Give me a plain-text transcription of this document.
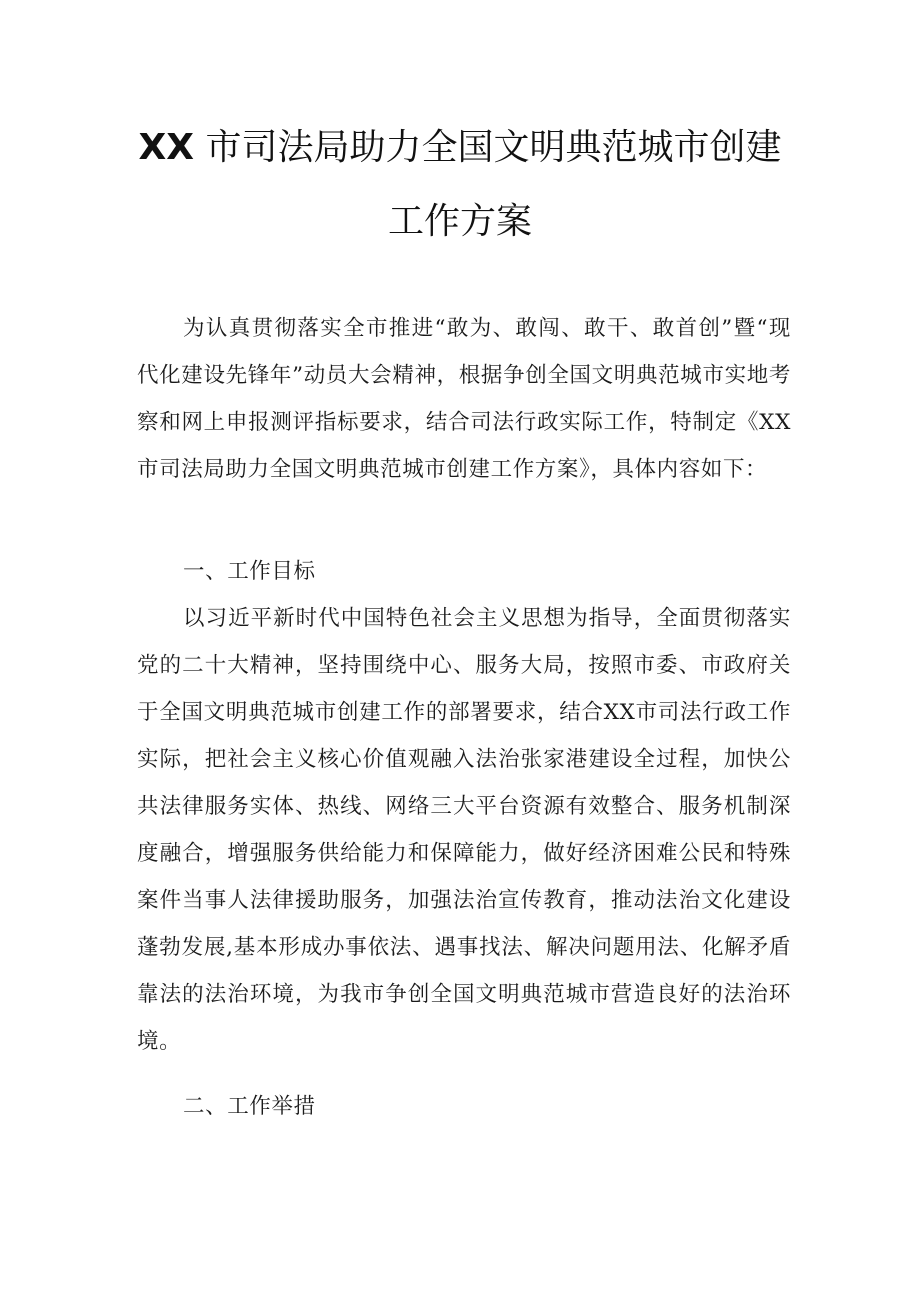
XX 市司法局助力全国文明典范城市创建
工作方案

为认真贯彻落实全市推进“敢为、敢闯、敢干、敢首创”暨“现代化建设先锋年”动员大会精神，根据争创全国文明典范城市实地考察和网上申报测评指标要求，结合司法行政实际工作，特制定《XX市司法局助力全国文明典范城市创建工作方案》，具体内容如下：

一、工作目标

以习近平新时代中国特色社会主义思想为指导，全面贯彻落实党的二十大精神，坚持围绕中心、服务大局，按照市委、市政府关于全国文明典范城市创建工作的部署要求，结合XX市司法行政工作实际，把社会主义核心价值观融入法治张家港建设全过程，加快公共法律服务实体、热线、网络三大平台资源有效整合、服务机制深度融合，增强服务供给能力和保障能力，做好经济困难公民和特殊案件当事人法律援助服务，加强法治宣传教育，推动法治文化建设蓬勃发展,基本形成办事依法、遇事找法、解决问题用法、化解矛盾靠法的法治环境，为我市争创全国文明典范城市营造良好的法治环境。

二、工作举措
